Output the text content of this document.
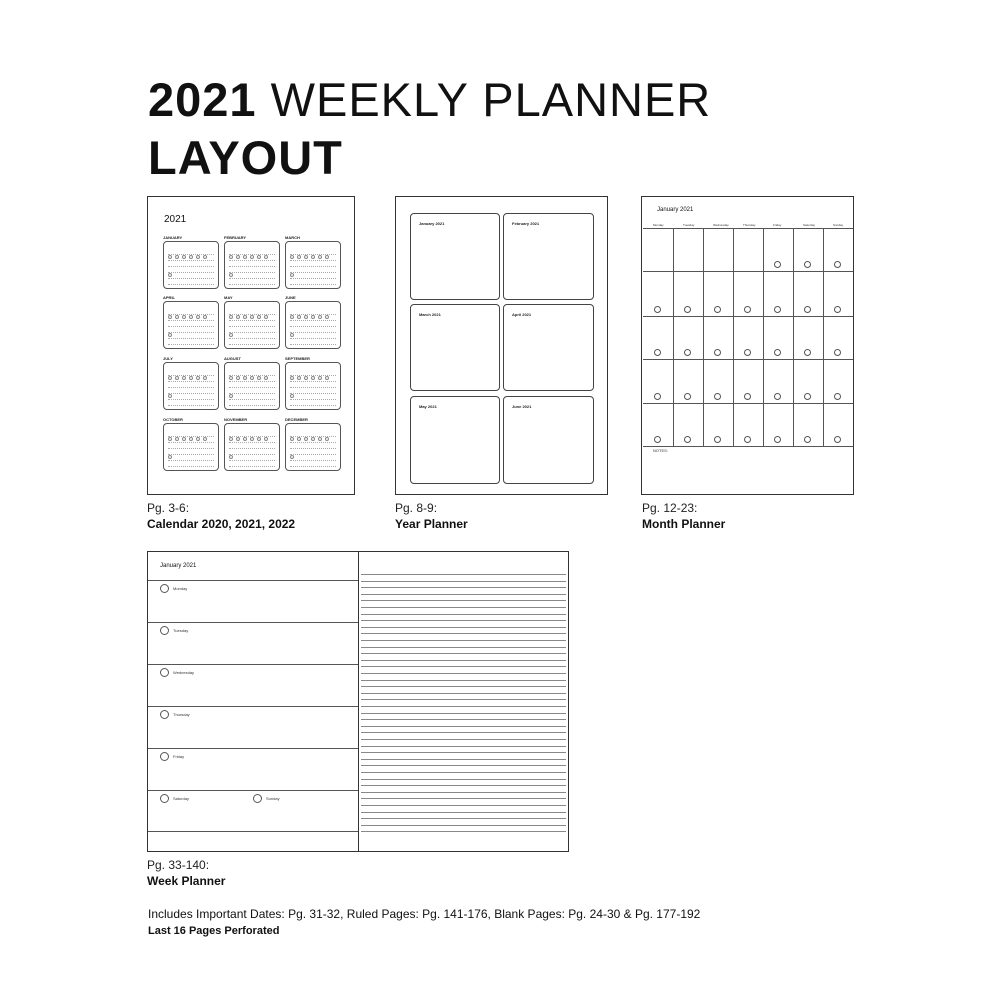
2021 WEEKLY PLANNER
LAYOUT
2021
JANUARY	FEBRUARY	MARCH
APRIL	MAY	JUNE
JULY	AUGUST	SEPTEMBER
OCTOBER	NOVEMBER	DECEMBER
Pg. 3-6:
Calendar 2020, 2021, 2022
January 2021	February 2021
March 2021	April 2021
May 2021	June 2021
Pg. 8-9:
Year Planner
January 2021
NOTES:
Monday	Tuesday	Wednesday	Thursday	Friday	Saturday	Sunday
Pg. 12-23:
Month Planner
January 2021
Monday
Tuesday
Wednesday
Thursday
Friday
Saturday	Sunday
Pg. 33-140:
Week Planner
Includes Important Dates: Pg. 31-32, Ruled Pages: Pg. 141-176, Blank Pages: Pg. 24-30 & Pg. 177-192
Last 16 Pages Perforated
